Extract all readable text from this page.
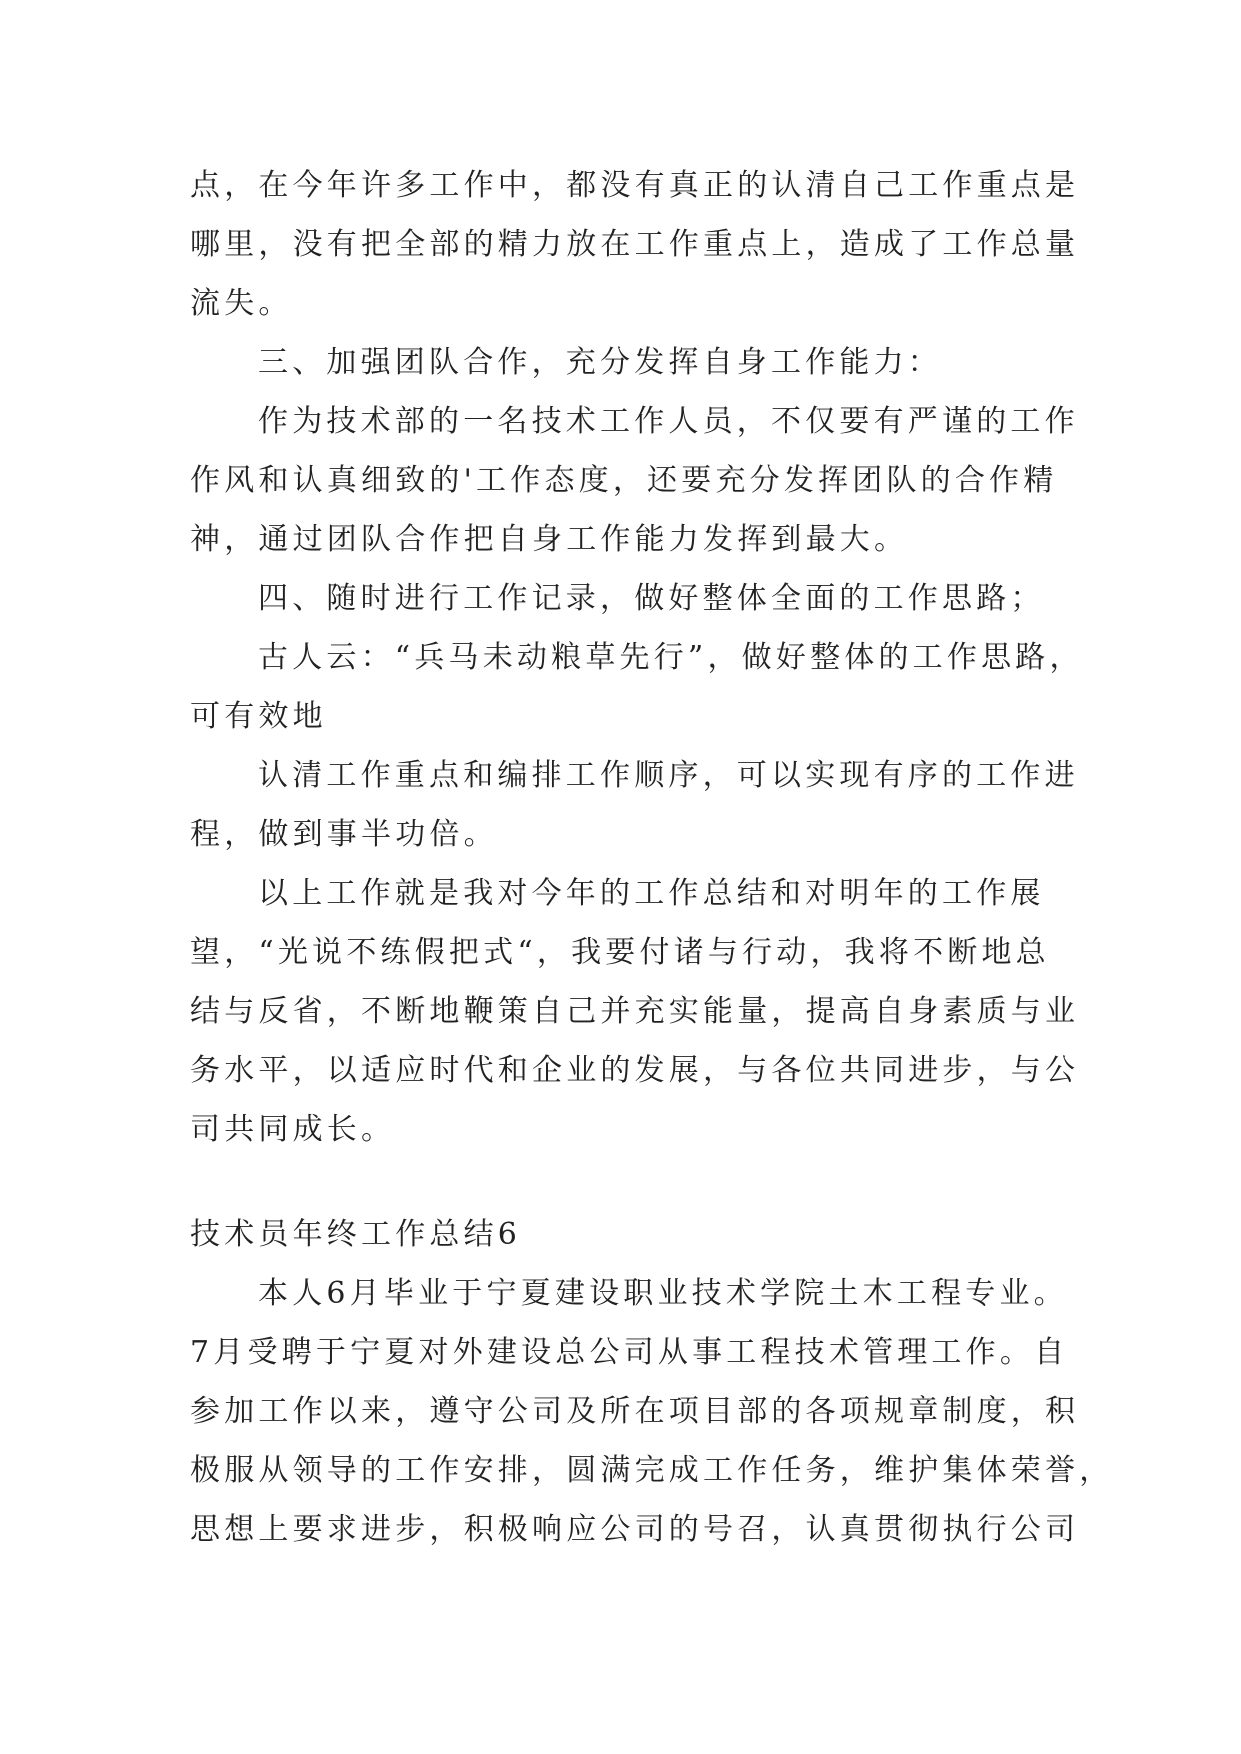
点，在今年许多工作中，都没有真正的认清自己工作重点是
哪里，没有把全部的精力放在工作重点上，造成了工作总量
流失。
三、加强团队合作，充分发挥自身工作能力：
作为技术部的一名技术工作人员，不仅要有严谨的工作
作风和认真细致的'工作态度，还要充分发挥团队的合作精
神，通过团队合作把自身工作能力发挥到最大。
四、随时进行工作记录，做好整体全面的工作思路；
古人云：“兵马未动粮草先行”，做好整体的工作思路，
可有效地
认清工作重点和编排工作顺序，可以实现有序的工作进
程，做到事半功倍。
以上工作就是我对今年的工作总结和对明年的工作展
望，“光说不练假把式“，我要付诸与行动，我将不断地总
结与反省，不断地鞭策自己并充实能量，提高自身素质与业
务水平，以适应时代和企业的发展，与各位共同进步，与公
司共同成长。
技术员年终工作总结6
本人6月毕业于宁夏建设职业技术学院土木工程专业。
7月受聘于宁夏对外建设总公司从事工程技术管理工作。自
参加工作以来，遵守公司及所在项目部的各项规章制度，积
极服从领导的工作安排，圆满完成工作任务，维护集体荣誉，
思想上要求进步，积极响应公司的号召，认真贯彻执行公司
